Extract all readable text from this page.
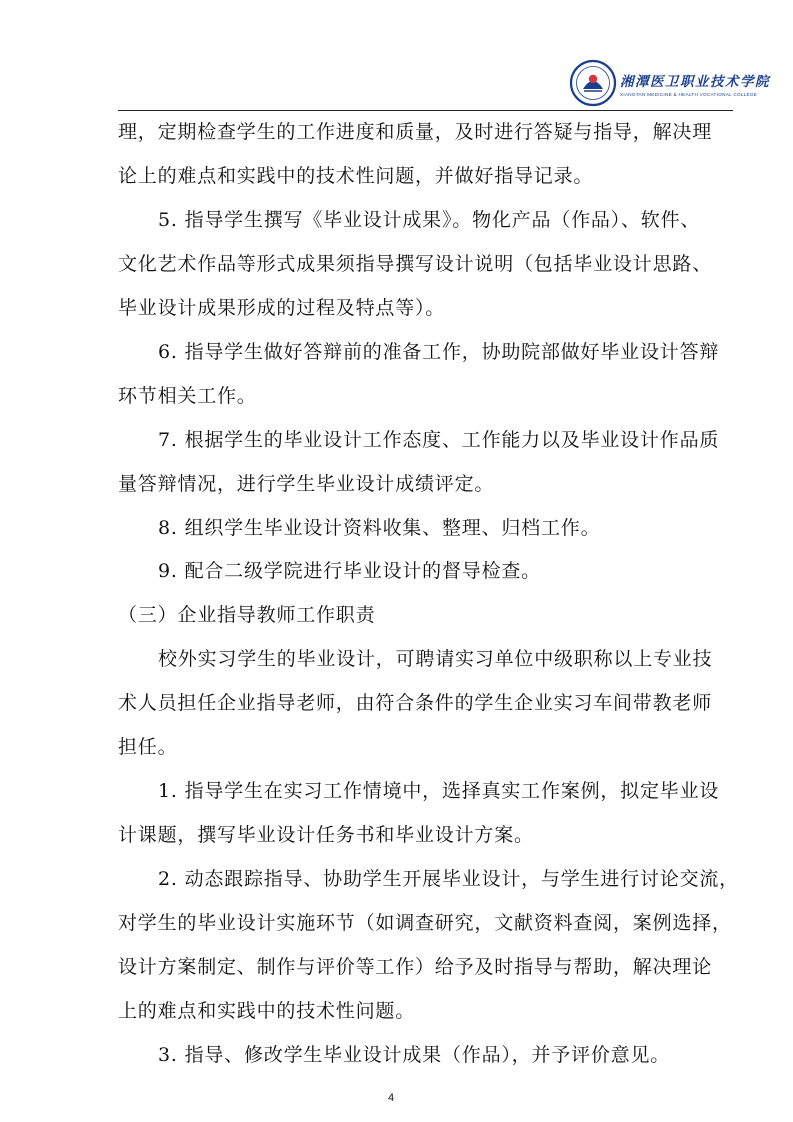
湘潭医卫职业技术学院
XIANGTAN MEDICINE & HEALTH VOCATIONAL COLLEGE
理，定期检查学生的工作进度和质量，及时进行答疑与指导，解决理
论上的难点和实践中的技术性问题，并做好指导记录。
5. 指导学生撰写《毕业设计成果》。物化产品（作品）、软件、
文化艺术作品等形式成果须指导撰写设计说明（包括毕业设计思路、
毕业设计成果形成的过程及特点等）。
6. 指导学生做好答辩前的准备工作，协助院部做好毕业设计答辩
环节相关工作。
7. 根据学生的毕业设计工作态度、工作能力以及毕业设计作品质
量答辩情况，进行学生毕业设计成绩评定。
8. 组织学生毕业设计资料收集、整理、归档工作。
9. 配合二级学院进行毕业设计的督导检查。
（三）企业指导教师工作职责
校外实习学生的毕业设计，可聘请实习单位中级职称以上专业技
术人员担任企业指导老师，由符合条件的学生企业实习车间带教老师
担任。
1. 指导学生在实习工作情境中，选择真实工作案例，拟定毕业设
计课题，撰写毕业设计任务书和毕业设计方案。
2. 动态跟踪指导、协助学生开展毕业设计，与学生进行讨论交流，
对学生的毕业设计实施环节（如调查研究，文献资料查阅，案例选择，
设计方案制定、制作与评价等工作）给予及时指导与帮助，解决理论
上的难点和实践中的技术性问题。
3. 指导、修改学生毕业设计成果（作品），并予评价意见。
4
